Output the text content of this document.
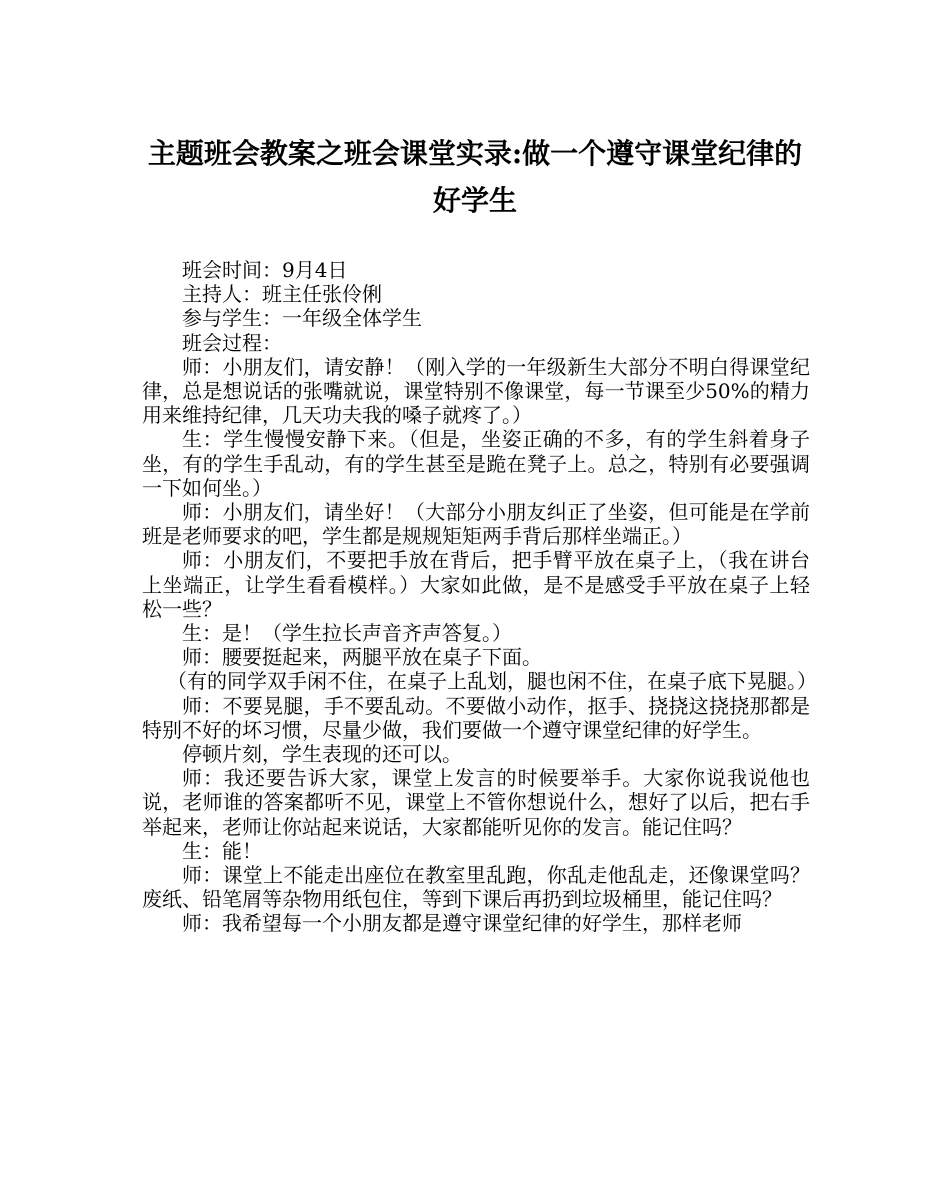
主题班会教案之班会课堂实录:做一个遵守课堂纪律的好学生

班会时间：9月4日

主持人：班主任张伶俐

参与学生：一年级全体学生

班会过程：

师：小朋友们，请安静！（刚入学的一年级新生大部分不明白得课堂纪律，总是想说话的张嘴就说，课堂特别不像课堂，每一节课至少50%的精力用来维持纪律，几天功夫我的嗓子就疼了。）

生：学生慢慢安静下来。（但是，坐姿正确的不多，有的学生斜着身子坐，有的学生手乱动，有的学生甚至是跪在凳子上。总之，特别有必要强调一下如何坐。）

师：小朋友们，请坐好！（大部分小朋友纠正了坐姿，但可能是在学前班是老师要求的吧，学生都是规规矩矩两手背后那样坐端正。）

师：小朋友们，不要把手放在背后，把手臂平放在桌子上，（我在讲台上坐端正，让学生看看模样。）大家如此做，是不是感受手平放在桌子上轻松一些？

生：是！（学生拉长声音齐声答复。）

师：腰要挺起来，两腿平放在桌子下面。

（有的同学双手闲不住，在桌子上乱划，腿也闲不住，在桌子底下晃腿。）

师：不要晃腿，手不要乱动。不要做小动作，抠手、挠挠这挠挠那都是特别不好的坏习惯，尽量少做，我们要做一个遵守课堂纪律的好学生。

停顿片刻，学生表现的还可以。

师：我还要告诉大家，课堂上发言的时候要举手。大家你说我说他也说，老师谁的答案都听不见，课堂上不管你想说什么，想好了以后，把右手举起来，老师让你站起来说话，大家都能听见你的发言。能记住吗？

生：能！

师：课堂上不能走出座位在教室里乱跑，你乱走他乱走，还像课堂吗？废纸、铅笔屑等杂物用纸包住，等到下课后再扔到垃圾桶里，能记住吗？

师：我希望每一个小朋友都是遵守课堂纪律的好学生，那样老师
